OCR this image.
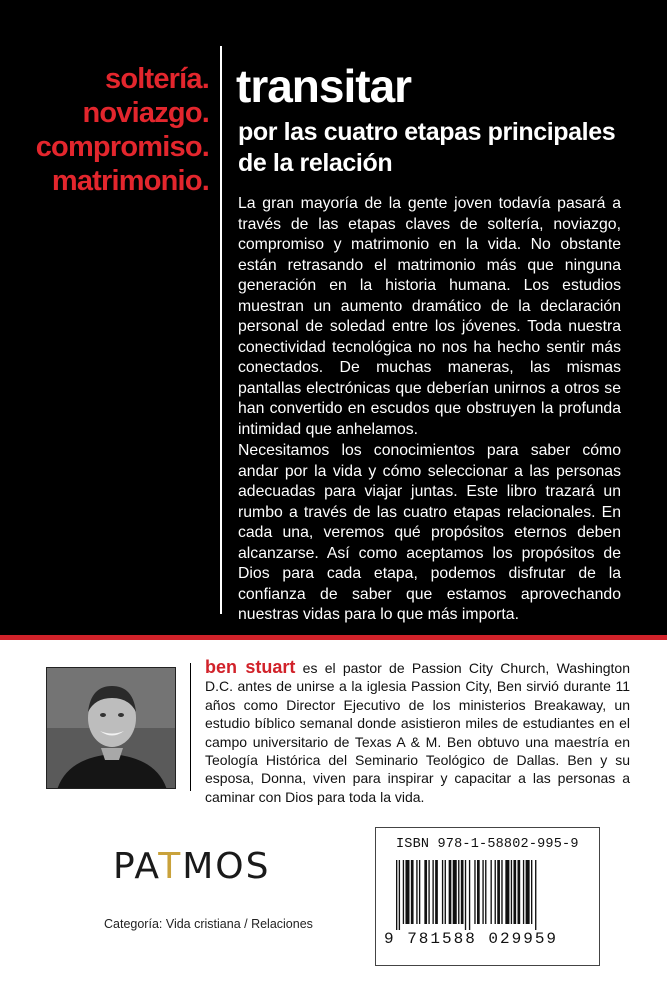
soltería.
noviazgo.
compromiso.
matrimonio.
transitar
por las cuatro etapas principales de la relación

La gran mayoría de la gente joven todavía pasará a través de las etapas claves de soltería, noviazgo, compromiso y matrimonio en la vida. No obstante están retrasando el matrimonio más que ninguna generación en la historia humana. Los estudios muestran un aumento dramático de la declaración personal de soledad entre los jóvenes. Toda nuestra conectividad tecnológica no nos ha hecho sentir más conectados. De muchas maneras, las mismas pantallas electrónicas que deberían unirnos a otros se han convertido en escudos que obstruyen la profunda intimidad que anhelamos.

Necesitamos los conocimientos para saber cómo andar por la vida y cómo seleccionar a las personas adecuadas para viajar juntas. Este libro trazará un rumbo a través de las cuatro etapas relacionales. En cada una, veremos qué propósitos eternos deben alcanzarse. Así como aceptamos los propósitos de Dios para cada etapa, podemos disfrutar de la confianza de saber que estamos aprovechando nuestras vidas para lo que más importa.

ben stuart es el pastor de Passion City Church, Washington D.C. antes de unirse a la iglesia Passion City, Ben sirvió durante 11 años como Director Ejecutivo de los ministerios Breakaway, un estudio bíblico semanal donde asistieron miles de estudiantes en el campo universitario de Texas A & M. Ben obtuvo una maestría en Teología Histórica del Seminario Teológico de Dallas. Ben y su esposa, Donna, viven para inspirar y capacitar a las personas a caminar con Dios para toda la vida.

PATMOS
Categoría: Vida cristiana / Relaciones
ISBN 978-1-58802-995-9
9 781588 029959
